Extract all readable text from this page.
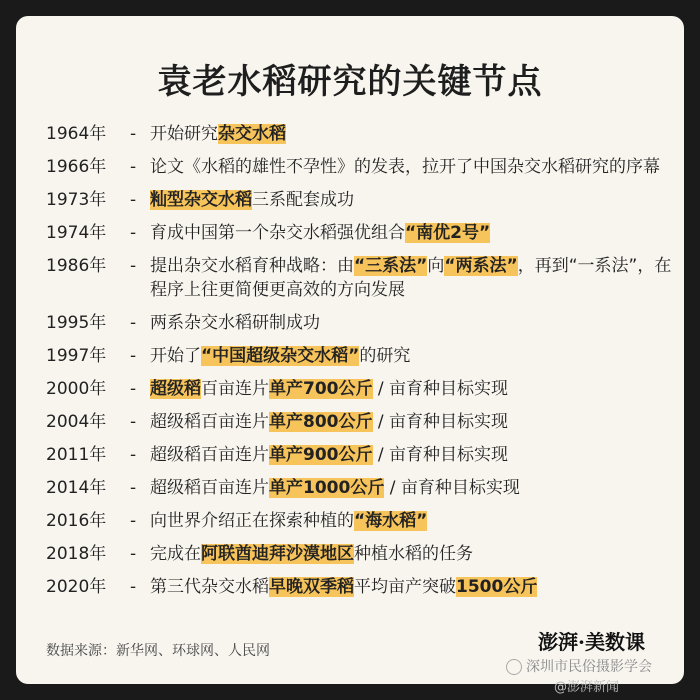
袁老水稻研究的关键节点
1964年	- 开始研究杂交水稻
1966年	- 论文《水稻的雄性不孕性》的发表，拉开了中国杂交水稻研究的序幕
1973年	- 籼型杂交水稻三系配套成功
1974年	- 育成中国第一个杂交水稻强优组合“南优2号”
1986年	- 提出杂交水稻育种战略：由“三系法”向“两系法”，再到“一系法”，在程序上往更简便更高效的方向发展
1995年	- 两系杂交水稻研制成功
1997年	- 开始了“中国超级杂交水稻”的研究
2000年	- 超级稻百亩连片单产700公斤 / 亩育种目标实现
2004年	- 超级稻百亩连片单产800公斤 / 亩育种目标实现
2011年	- 超级稻百亩连片单产900公斤 / 亩育种目标实现
2014年	- 超级稻百亩连片单产1000公斤 / 亩育种目标实现
2016年	- 向世界介绍正在探索种植的“海水稻”
2018年	- 完成在阿联酋迪拜沙漠地区种植水稻的任务
2020年	- 第三代杂交水稻早晚双季稻平均亩产突破1500公斤
数据来源：新华网、环球网、人民网	澎湃·美数课
深圳市民俗摄影学会
@澎湃新闻
